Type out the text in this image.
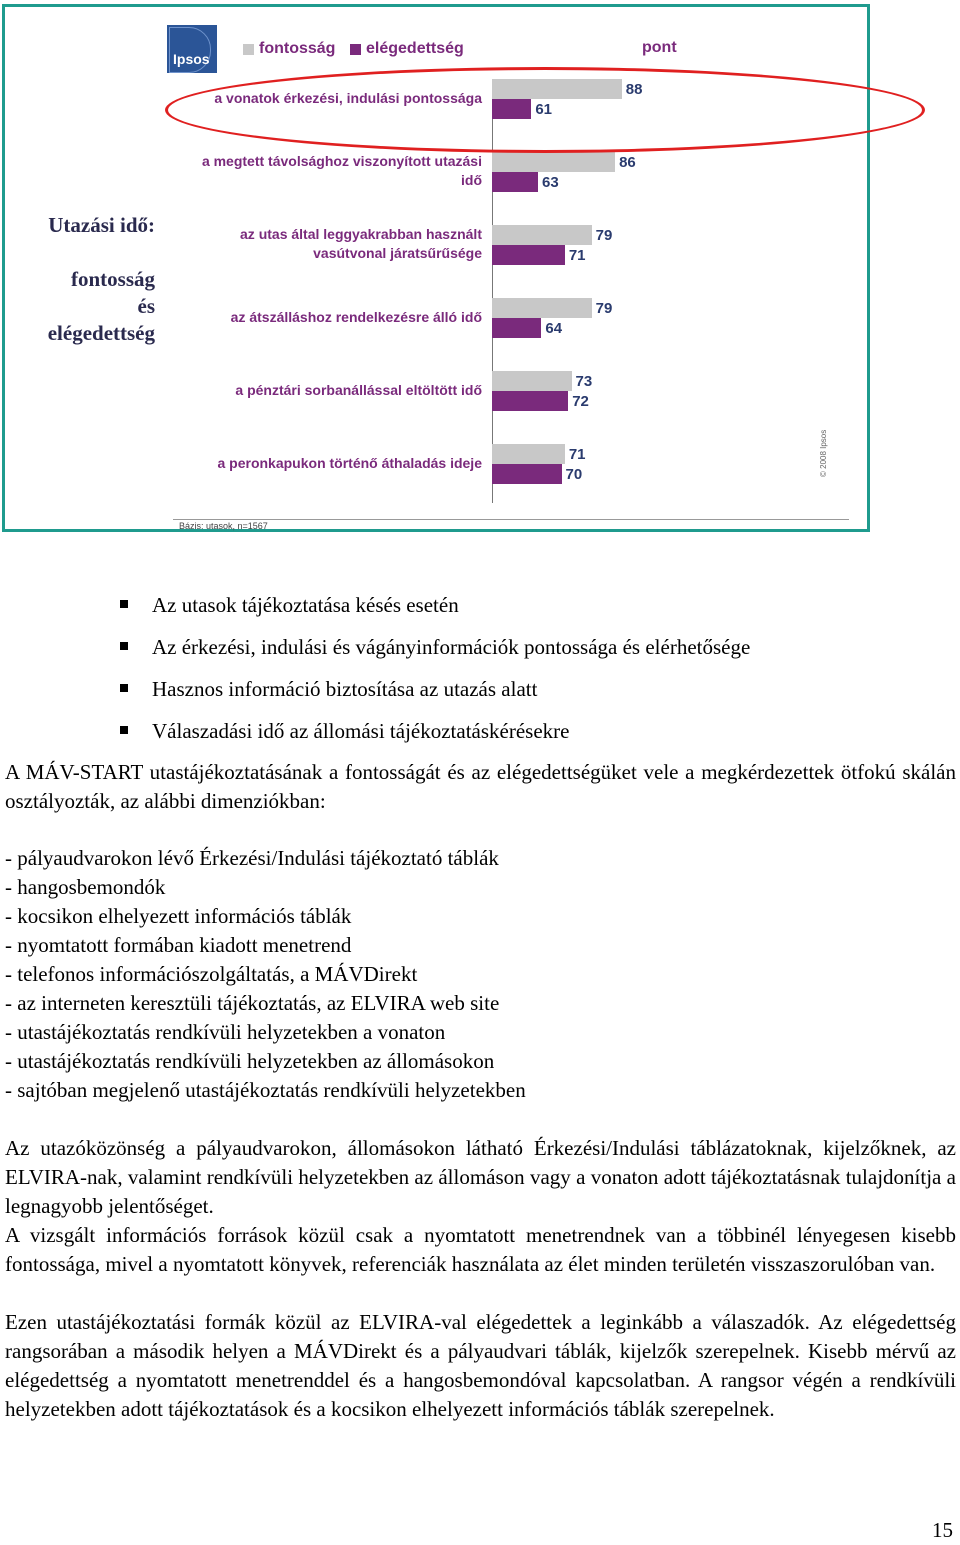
Ipsos
fontosság elégedettség	pont
Utazási idő:
fontosság
és
elégedettség
88
61
86
63
79
71
79
64
73
72
71
70	© 2008 Ipsos
Bázis: utasok, n=1567
a vonatok érkezési, indulási pontossága
a megtett távolsághoz viszonyított utazási
idő
az utas által leggyakrabban használt
vasútvonal járatsűrűsége
az átszálláshoz rendelkezésre álló idő
a pénztári sorbanállással eltöltött idő
a peronkapukon történő áthaladás ideje
Az utasok tájékoztatása késés esetén
Az érkezési, indulási és vágányinformációk pontossága és elérhetősége
Hasznos információ biztosítása az utazás alatt
Válaszadási idő az állomási tájékoztatáskérésekre
A MÁV-START utastájékoztatásának a fontosságát és az elégedettségüket vele a megkérdezettek ötfokú skálán osztályozták, az alábbi dimenziókban:
- pályaudvarokon lévő Érkezési/Indulási tájékoztató táblák
- hangosbemondók
- kocsikon elhelyezett információs táblák
- nyomtatott formában kiadott menetrend
- telefonos információszolgáltatás, a MÁVDirekt
- az interneten keresztüli tájékoztatás, az ELVIRA web site
- utastájékoztatás rendkívüli helyzetekben a vonaton
- utastájékoztatás rendkívüli helyzetekben az állomásokon
- sajtóban megjelenő utastájékoztatás rendkívüli helyzetekben
Az utazóközönség a pályaudvarokon, állomásokon látható Érkezési/Indulási táblázatoknak, kijelzőknek, az ELVIRA-nak, valamint rendkívüli helyzetekben az állomáson vagy a vonaton adott tájékoztatásnak tulajdonítja a legnagyobb jelentőséget.
A vizsgált információs források közül csak a nyomtatott menetrendnek van a többinél lényegesen kisebb fontossága, mivel a nyomtatott könyvek, referenciák használata az élet minden területén visszaszorulóban van.
Ezen utastájékoztatási formák közül az ELVIRA-val elégedettek a leginkább a válaszadók. Az elégedettség rangsorában a második helyen a MÁVDirekt és a pályaudvari táblák, kijelzők szerepelnek. Kisebb mérvű az elégedettség a nyomtatott menetrenddel és a hangosbemondóval kapcsolatban. A rangsor végén a rendkívüli helyzetekben adott tájékoztatások és a kocsikon elhelyezett információs táblák szerepelnek.
15
